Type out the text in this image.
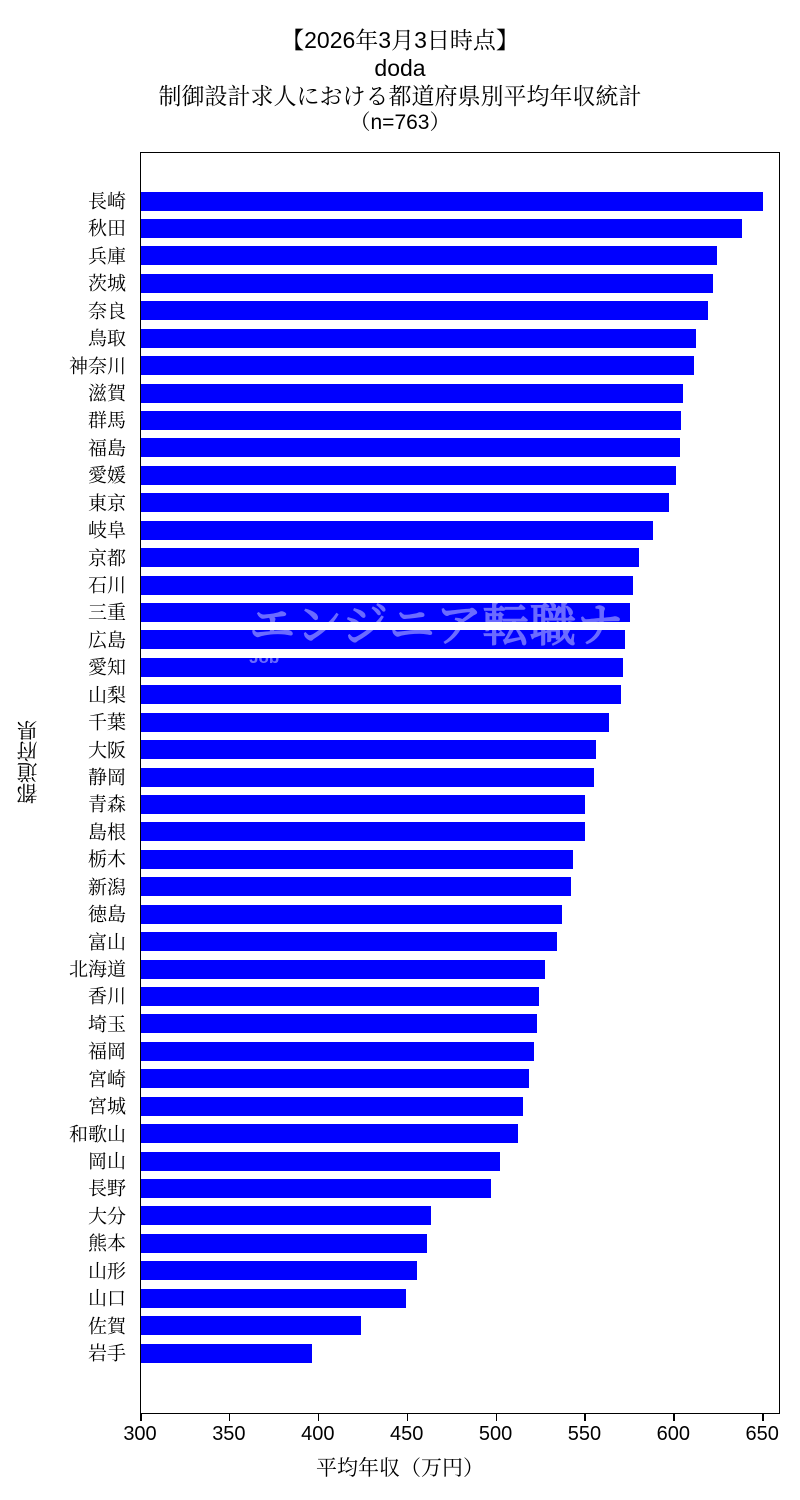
【2026年3月3日時点】
doda
制御設計求人における都道府県別平均年収統計
（n=763）
都道府県
長崎
秋田
兵庫
茨城
奈良
鳥取
神奈川
滋賀
群馬
福島
愛媛
東京
岐阜
京都
石川
三重
広島
愛知
山梨
千葉
大阪
静岡
青森
島根
栃木
新潟
徳島
富山
北海道
香川
埼玉
福岡
宮崎
宮城
和歌山
岡山
長野
大分
熊本
山形
山口
佐賀
岩手
エンジニア転職ナビ
Job
300	350	400	450	500	550	600	650
平均年収（万円）
